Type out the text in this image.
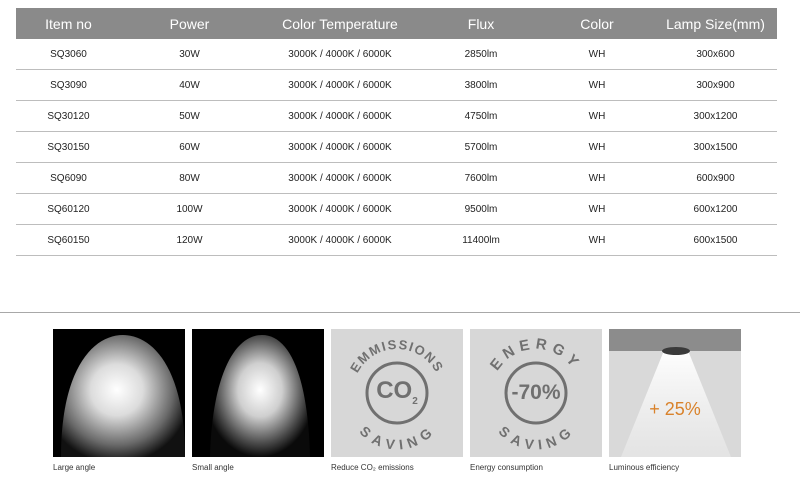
Item no	Power	Color Temperature	Flux	Color	Lamp Size(mm)
SQ3060	30W	3000K / 4000K / 6000K	2850lm	WH	300x600
SQ3090	40W	3000K / 4000K / 6000K	3800lm	WH	300x900
SQ30120	50W	3000K / 4000K / 6000K	4750lm	WH	300x1200
SQ30150	60W	3000K / 4000K / 6000K	5700lm	WH	300x1500
SQ6090	80W	3000K / 4000K / 6000K	7600lm	WH	600x900
SQ60120	100W	3000K / 4000K / 6000K	9500lm	WH	600x1200
SQ60150	120W	3000K / 4000K / 6000K	11400lm	WH	600x1500
Large angle	Small angle
EMMISSIONS
SAVING
$CO_2$
Reduce CO₂ emissions
ENERGY
SAVING
-70%
Energy consumption
+ 25%
Luminous efficiency
